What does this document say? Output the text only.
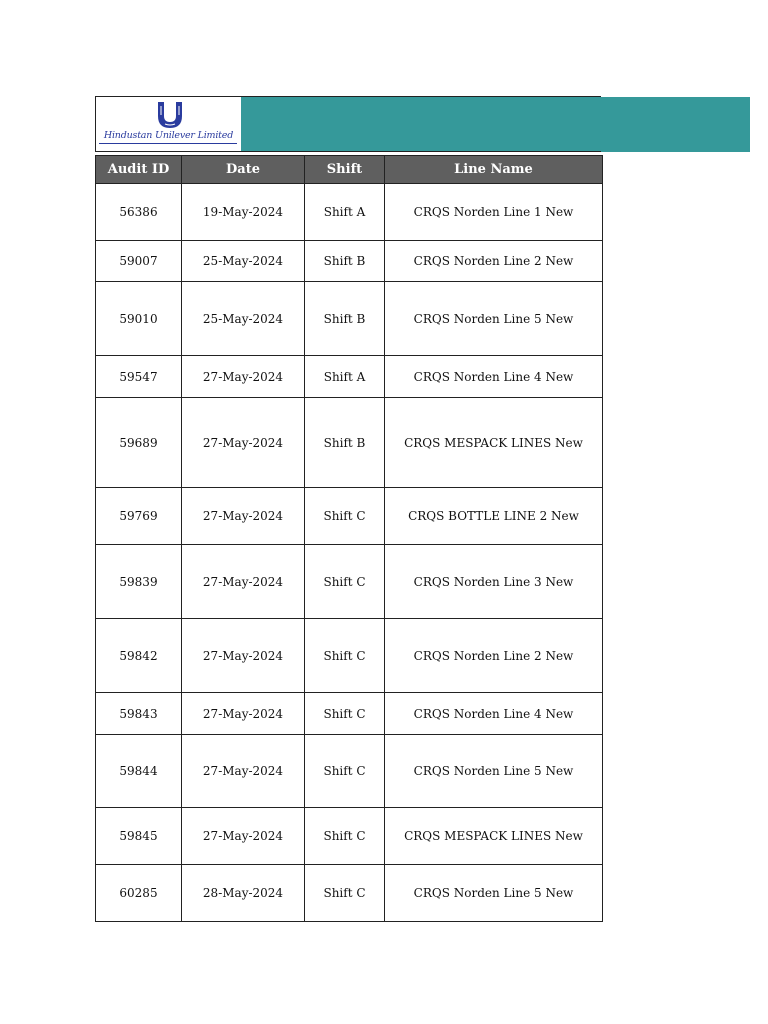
Hindustan Unilever Limited
Audit ID	Date	Shift	Line Name
56386	19-May-2024	Shift A	CRQS Norden Line 1 New
59007	25-May-2024	Shift B	CRQS Norden Line 2 New
59010	25-May-2024	Shift B	CRQS Norden Line 5 New
59547	27-May-2024	Shift A	CRQS Norden Line 4 New
59689	27-May-2024	Shift B	CRQS MESPACK LINES New
59769	27-May-2024	Shift C	CRQS BOTTLE LINE 2 New
59839	27-May-2024	Shift C	CRQS Norden Line 3 New
59842	27-May-2024	Shift C	CRQS Norden Line 2 New
59843	27-May-2024	Shift C	CRQS Norden Line 4 New
59844	27-May-2024	Shift C	CRQS Norden Line 5 New
59845	27-May-2024	Shift C	CRQS MESPACK LINES New
60285	28-May-2024	Shift C	CRQS Norden Line 5 New
